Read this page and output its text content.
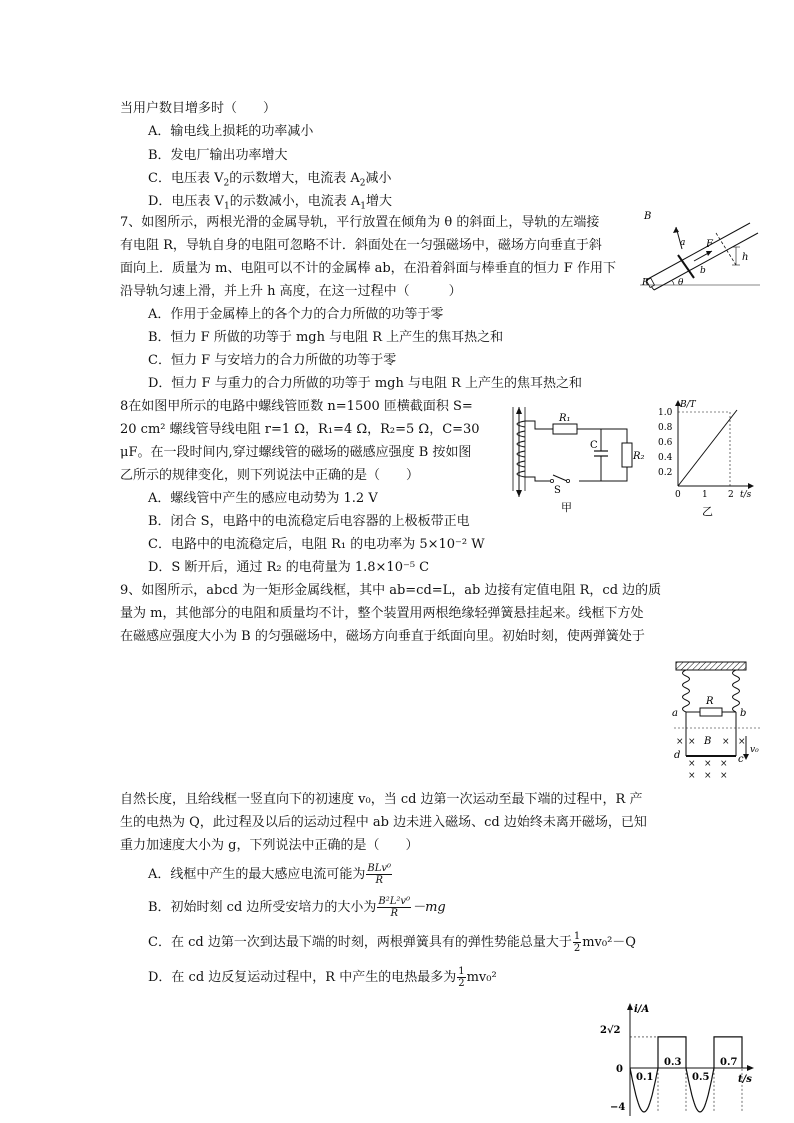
当用户数目增多时（　　）
A．输电线上损耗的功率减小
B．发电厂输出功率增大
C．电压表 $V_2$的示数增大，电流表 $A_2$减小
D．电压表 $V_1$的示数减小，电流表 $A_1$增大
7、如图所示，两根光滑的金属导轨，平行放置在倾角为 θ 的斜面上，导轨的左端接
有电阻 R，导轨自身的电阻可忽略不计．斜面处在一匀强磁场中，磁场方向垂直于斜
面向上．质量为 m、电阻可以不计的金属棒 ab，在沿着斜面与棒垂直的恒力 F 作用下
沿导轨匀速上滑，并上升 h 高度，在这一过程中（　　　）
A．作用于金属棒上的各个力的合力所做的功等于零
B．恒力 F 所做的功等于 mgh 与电阻 R 上产生的焦耳热之和
C．恒力 F 与安培力的合力所做的功等于零
D．恒力 F 与重力的合力所做的功等于 mgh 与电阻 R 上产生的焦耳热之和
B
a F
b
h
R	θ
8在如图甲所示的电路中螺线管匝数 n=1500 匝横截面积 S=
20 cm² 螺线管导线电阻 r=1 Ω，R₁=4 Ω，R₂=5 Ω，C=30
μF。在一段时间内,穿过螺线管的磁场的磁感应强度 B 按如图
乙所示的规律变化，则下列说法中正确的是（　　）
A．螺线管中产生的感应电动势为 1.2 V
B．闭合 S，电路中的电流稳定后电容器的上极板带正电
C．电路中的电流稳定后，电阻 R₁ 的电功率为 5×10⁻² W
D．S 断开后，通过 R₂ 的电荷量为 1.8×10⁻⁵ C
R₁
C
R₂
S
甲
B/T
1.0
0.8
0.6
0.4
0.2
0 1 2 t/s
乙
9、如图所示，abcd 为一矩形金属线框，其中 ab=cd=L，ab 边接有定值电阻 R，cd 边的质
量为 m，其他部分的电阻和质量均不计，整个装置用两根绝缘轻弹簧悬挂起来。线框下方处
在磁感应强度大小为 B 的匀强磁场中，磁场方向垂直于纸面向里。初始时刻，使两弹簧处于
×	×
× × ×
× × ×
×	×
R
a	b
B
d	c
v₀
自然长度，且给线框一竖直向下的初速度 v₀，当 cd 边第一次运动至最下端的过程中，R 产
生的电热为 Q，此过程及以后的运动过程中 ab 边未进入磁场、cd 边始终未离开磁场，已知
重力加速度大小为 g，下列说法中正确的是（　　）
A．线框中产生的最大感应电流可能为 $\frac{\text{BLv⁰}}{R}$
B．初始时刻 cd 边所受安培力的大小为 $\frac{\text{B²L²v⁰}}{R} -mg$
C．在 cd 边第一次到达最下端的时刻，两根弹簧具有的弹性势能总量大于 $\frac{1}{2} mv_0^2-Q$
D．在 cd 边反复运动过程中，R 中产生的电热最多为 $\frac{1}{2} mv_0^2$
i/A
t/s
2√2
0
−4
0.1
0.3
0.5
0.7
